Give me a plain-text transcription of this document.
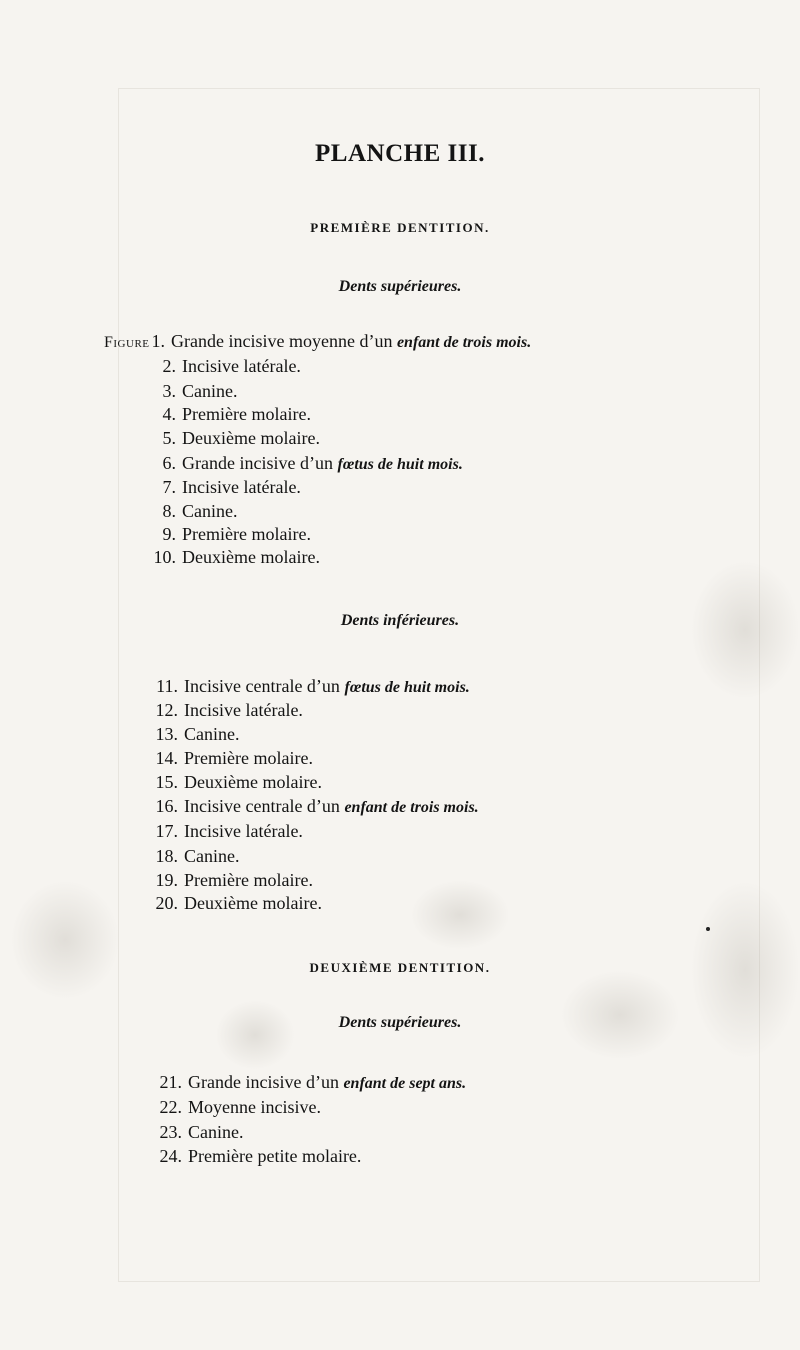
PLANCHE III.
PREMIÈRE DENTITION.
Dents supérieures.
Dents inférieures.
DEUXIÈME DENTITION.
Dents supérieures.
Figure 1. Grande incisive moyenne d’un enfant de trois mois.
2. Incisive latérale.
3. Canine.
4. Première molaire.
5. Deuxième molaire.
6. Grande incisive d’un fœtus de huit mois.
7. Incisive latérale.
8. Canine.
9. Première molaire.
10. Deuxième molaire.
11. Incisive centrale d’un fœtus de huit mois.
12. Incisive latérale.
13. Canine.
14. Première molaire.
15. Deuxième molaire.
16. Incisive centrale d’un enfant de trois mois.
17. Incisive latérale.
18. Canine.
19. Première molaire.
20. Deuxième molaire.
21. Grande incisive d’un enfant de sept ans.
22. Moyenne incisive.
23. Canine.
24. Première petite molaire.
